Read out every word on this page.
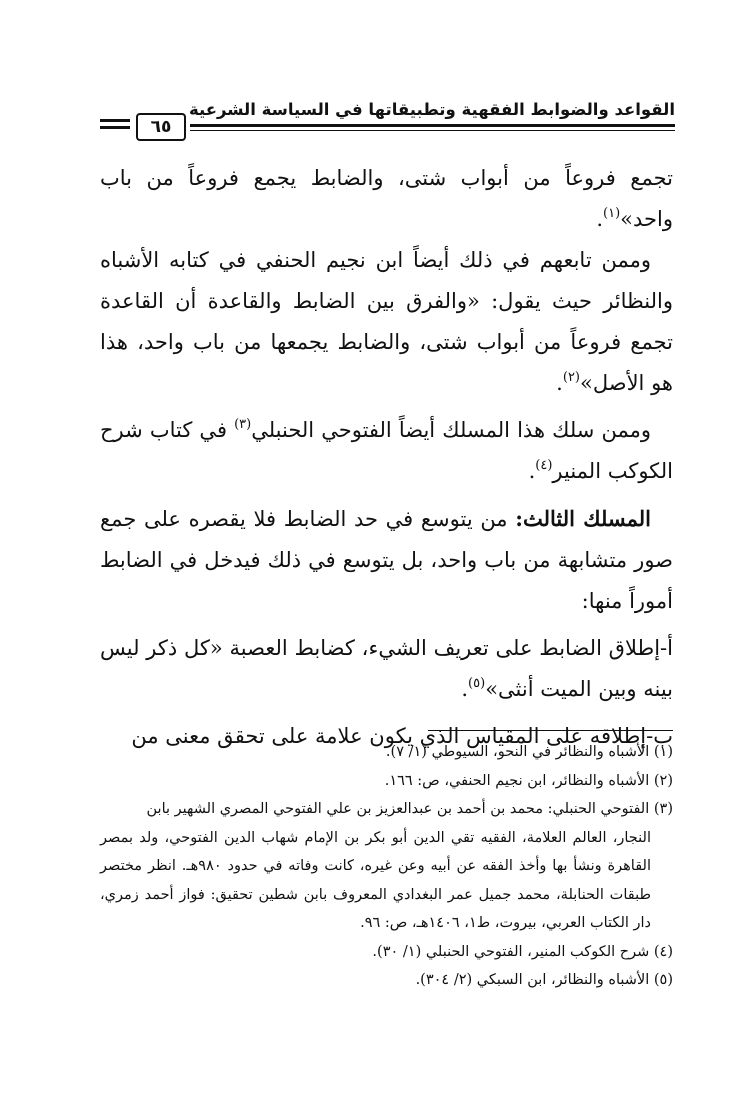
القواعد والضوابط الفقهية وتطبيقاتها في السياسة الشرعية
٦٥

تجمع فروعاً من أبواب شتى، والضابط يجمع فروعاً من باب واحد»$^{(١)}$.

وممن تابعهم في ذلك أيضاً ابن نجيم الحنفي في كتابه الأشباه والنظائر حيث يقول: «والفرق بين الضابط والقاعدة أن القاعدة تجمع فروعاً من أبواب شتى، والضابط يجمعها من باب واحد، هذا هو الأصل»$^{(٢)}$.

وممن سلك هذا المسلك أيضاً الفتوحي الحنبلي$^{(٣)}$ في كتاب شرح الكوكب المنير$^{(٤)}$.

المسلك الثالث: من يتوسع في حد الضابط فلا يقصره على جمع صور متشابهة من باب واحد، بل يتوسع في ذلك فيدخل في الضابط أموراً منها:

أ-إطلاق الضابط على تعريف الشيء، كضابط العصبة «كل ذكر ليس بينه وبين الميت أنثى»$^{(٥)}$.

ب-إطلاقه على المقياس الذي يكون علامة على تحقق معنى من

(١) الأشباه والنظائر في النحو، السيوطي (١/ ٧).

(٢) الأشباه والنظائر، ابن نجيم الحنفي، ص: ١٦٦.

(٣) الفتوحي الحنبلي: محمد بن أحمد بن عبدالعزيز بن علي الفتوحي المصري الشهير بابن

النجار، العالم العلامة، الفقيه تقي الدين أبو بكر بن الإمام شهاب الدين الفتوحي، ولد بمصر القاهرة ونشأ بها وأخذ الفقه عن أبيه وعن غيره، كانت وفاته في حدود ٩٨٠هـ. انظر مختصر طبقات الحنابلة، محمد جميل عمر البغدادي المعروف بابن شطين تحقيق: فواز أحمد زمري، دار الكتاب العربي، بيروت، ط١، ١٤٠٦هـ، ص: ٩٦.

(٤) شرح الكوكب المنير، الفتوحي الحنبلي (١/ ٣٠).

(٥) الأشباه والنظائر، ابن السبكي (٢/ ٣٠٤).
